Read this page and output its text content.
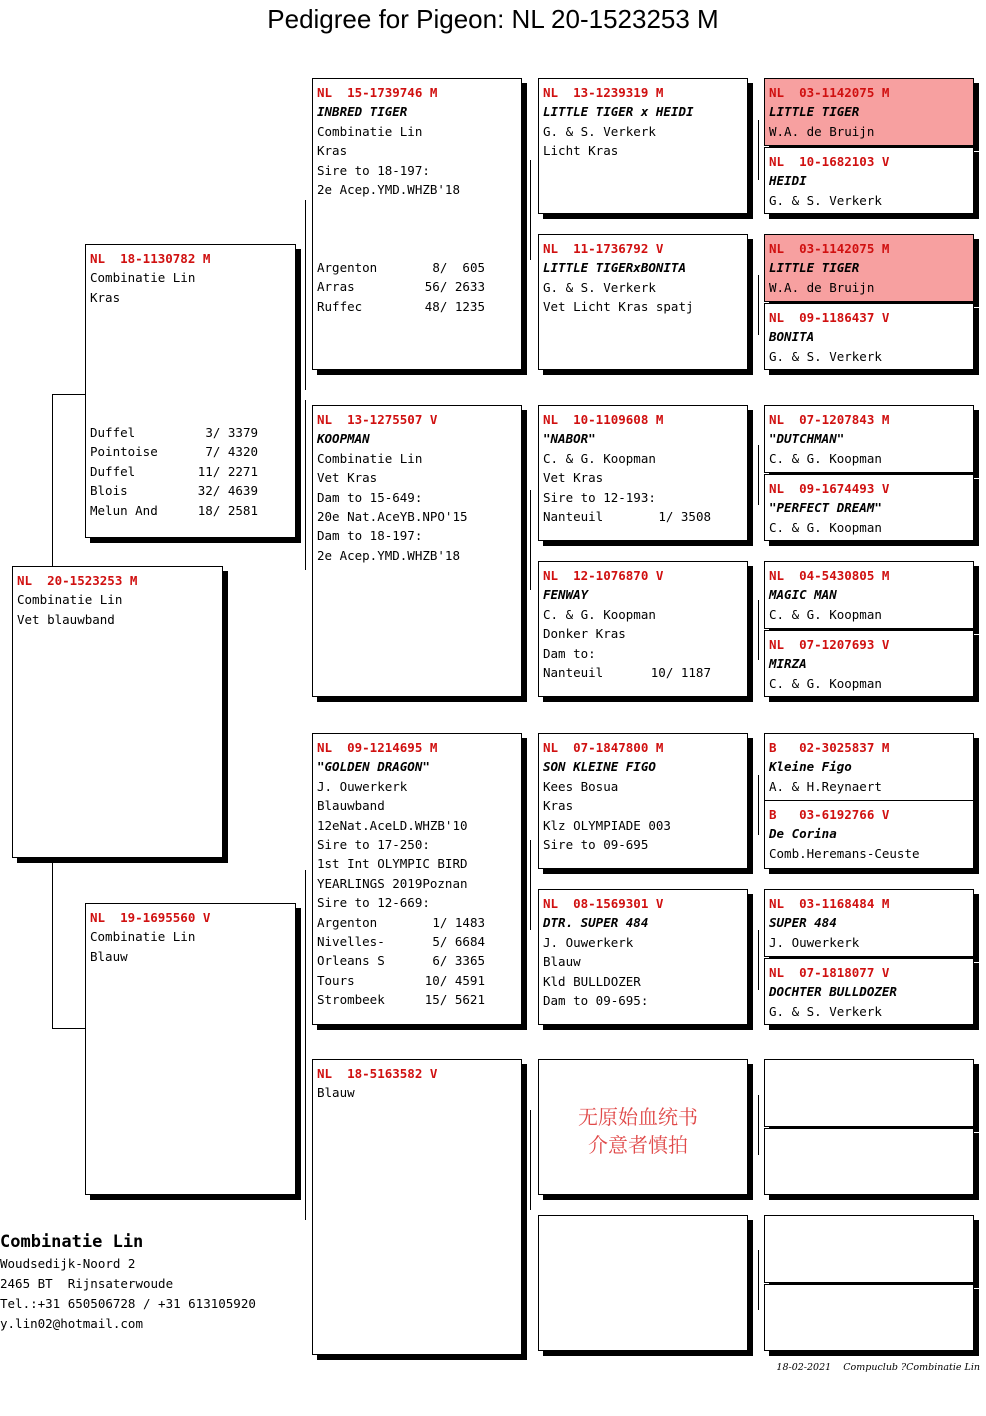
Pedigree for Pigeon: NL 20-1523253 M
NL  20-1523253 M
Combinatie Lin
Vet blauwband
NL  18-1130782 M
Combinatie Lin
Kras
Duffel	3/ 3379
Pointoise	7/ 4320
Duffel	11/ 2271
Blois	32/ 4639
Melun And	18/ 2581
NL  19-1695560 V
Combinatie Lin
Blauw
NL  15-1739746 M
INBRED TIGER
Combinatie Lin
Kras
Sire to 18-197:
2e Acep.YMD.WHZB'18
Argenton	8/  605
Arras	56/ 2633
Ruffec	48/ 1235
NL  13-1275507 V
KOOPMAN
Combinatie Lin
Vet Kras
Dam to 15-649:
20e Nat.AceYB.NPO'15
Dam to 18-197:
2e Acep.YMD.WHZB'18
NL  09-1214695 M
"GOLDEN DRAGON"
J. Ouwerkerk
Blauwband
12eNat.AceLD.WHZB'10
Sire to 17-250:
1st Int OLYMPIC BIRD
YEARLINGS 2019Poznan
Sire to 12-669:
Argenton	1/ 1483
Nivelles-	5/ 6684
Orleans S	6/ 3365
Tours	10/ 4591
Strombeek	15/ 5621
NL  18-5163582 V
Blauw
NL  13-1239319 M
LITTLE TIGER x HEIDI
G. & S. Verkerk
Licht Kras
NL  11-1736792 V
LITTLE TIGERxBONITA
G. & S. Verkerk
Vet Licht Kras spatj
NL  10-1109608 M
"NABOR"
C. & G. Koopman
Vet Kras
Sire to 12-193:
Nanteuil	1/ 3508
NL  12-1076870 V
FENWAY
C. & G. Koopman
Donker Kras
Dam to:
Nanteuil	10/ 1187
NL  07-1847800 M
SON KLEINE FIGO
Kees Bosua
Kras
Klz OLYMPIADE 003
Sire to 09-695
NL  08-1569301 V
DTR. SUPER 484
J. Ouwerkerk
Blauw
Kld BULLDOZER
Dam to 09-695:
无原始血统书
介意者慎拍
NL  03-1142075 M
LITTLE TIGER
W.A. de Bruijn
NL  10-1682103 V
HEIDI
G. & S. Verkerk
NL  03-1142075 M
LITTLE TIGER
W.A. de Bruijn
NL  09-1186437 V
BONITA
G. & S. Verkerk
NL  07-1207843 M
"DUTCHMAN"
C. & G. Koopman
NL  09-1674493 V
"PERFECT DREAM"
C. & G. Koopman
NL  04-5430805 M
MAGIC MAN
C. & G. Koopman
NL  07-1207693 V
MIRZA
C. & G. Koopman
B   02-3025837 M
Kleine Figo
A. & H.Reynaert
B   03-6192766 V
De Corina
Comb.Heremans-Ceuste
NL  03-1168484 M
SUPER 484
J. Ouwerkerk
NL  07-1818077 V
DOCHTER BULLDOZER
G. & S. Verkerk
Combinatie Lin
Woudsedijk-Noord 2
2465 BT  Rijnsaterwoude
Tel.:+31 650506728 / +31 613105920
y.lin02@hotmail.com
18-02-2021    Compuclub ?Combinatie Lin
